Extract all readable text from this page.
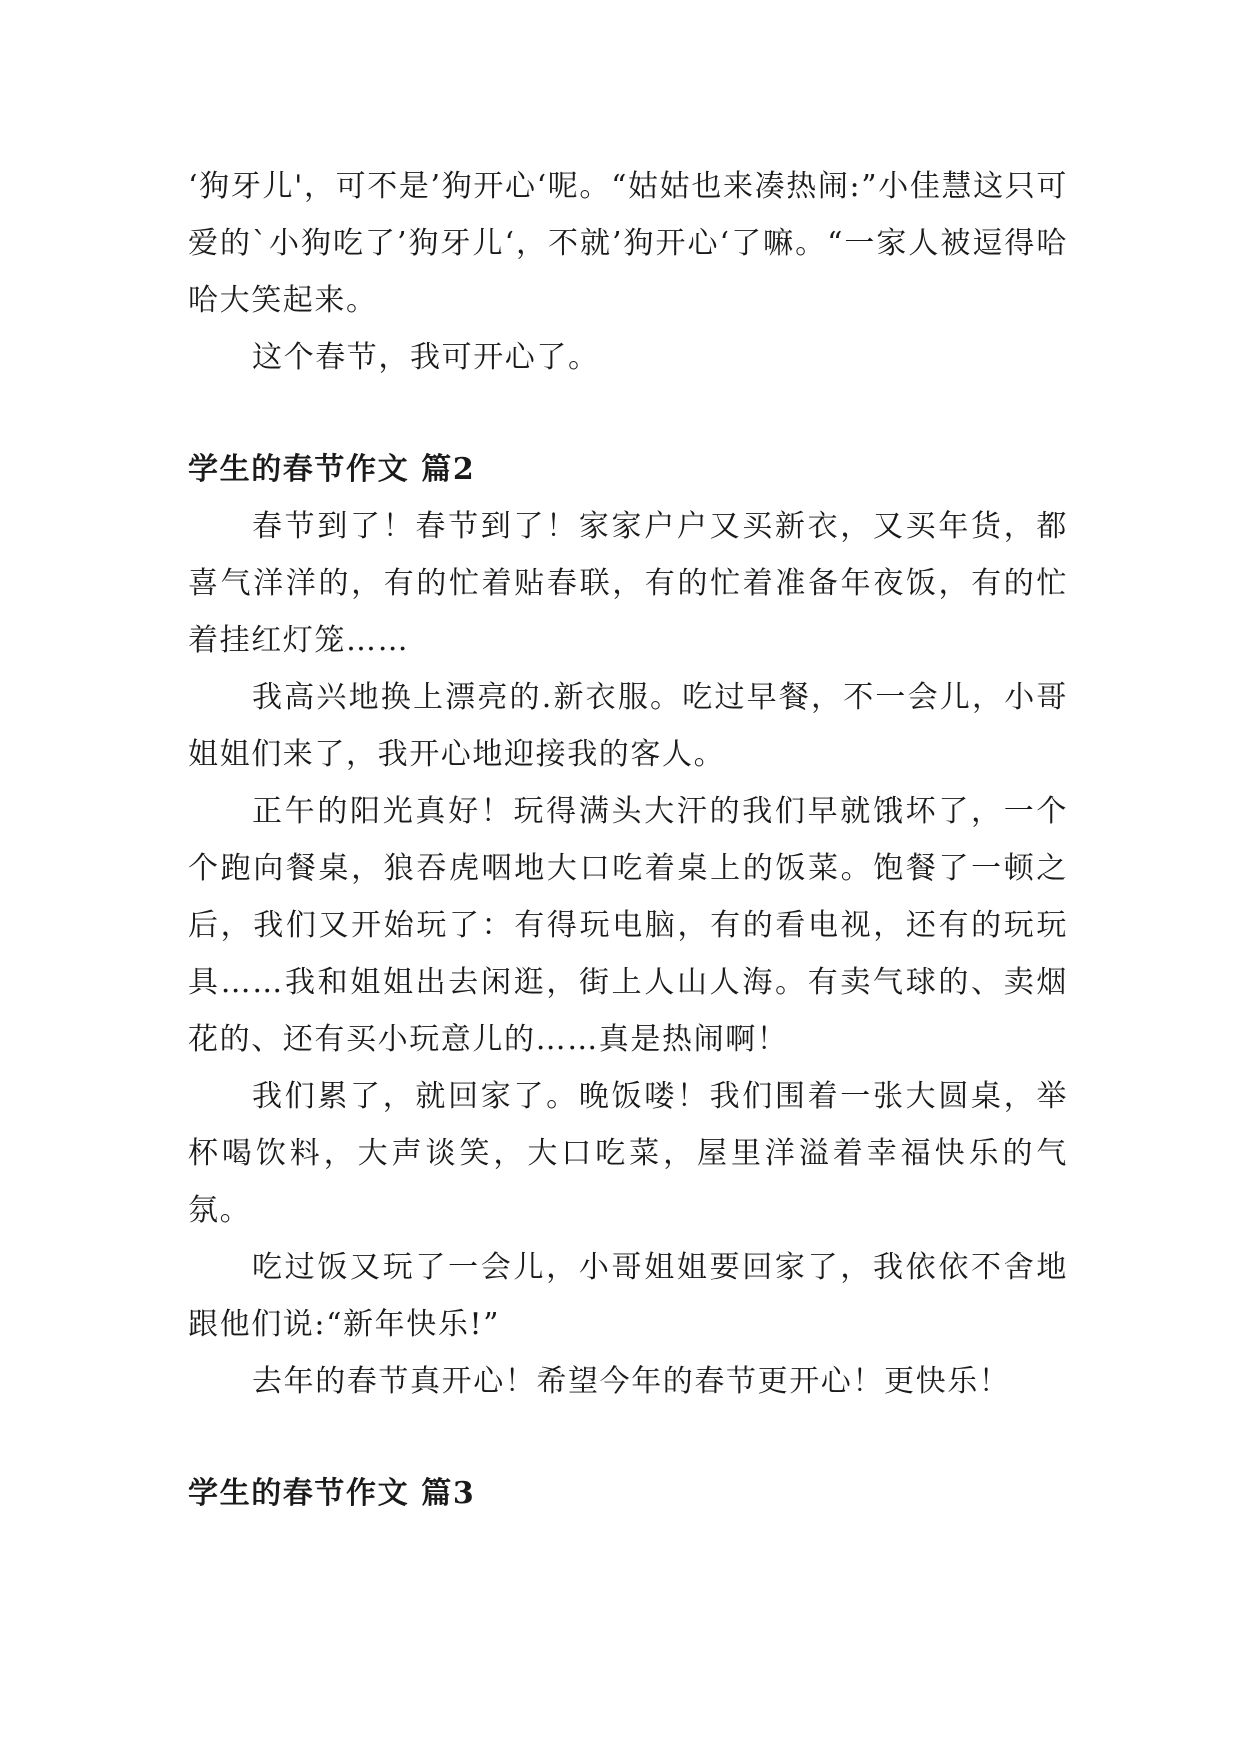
‘狗牙儿'，可不是’狗开心‘呢。“姑姑也来凑热闹:”小佳慧这只可爱的`小狗吃了’狗牙儿‘，不就’狗开心‘了嘛。“一家人被逗得哈哈大笑起来。

这个春节，我可开心了。

学生的春节作文 篇2

春节到了！春节到了！家家户户又买新衣，又买年货，都喜气洋洋的，有的忙着贴春联，有的忙着准备年夜饭，有的忙着挂红灯笼……

我高兴地换上漂亮的.新衣服。吃过早餐，不一会儿，小哥姐姐们来了，我开心地迎接我的客人。

正午的阳光真好！玩得满头大汗的我们早就饿坏了，一个个跑向餐桌，狼吞虎咽地大口吃着桌上的饭菜。饱餐了一顿之后，我们又开始玩了：有得玩电脑，有的看电视，还有的玩玩具……我和姐姐出去闲逛，街上人山人海。有卖气球的、卖烟花的、还有买小玩意儿的……真是热闹啊！

我们累了，就回家了。晚饭喽！我们围着一张大圆桌，举杯喝饮料，大声谈笑，大口吃菜，屋里洋溢着幸福快乐的气氛。

吃过饭又玩了一会儿，小哥姐姐要回家了，我依依不舍地跟他们说:“新年快乐!”

去年的春节真开心！希望今年的春节更开心！更快乐！

学生的春节作文 篇3
